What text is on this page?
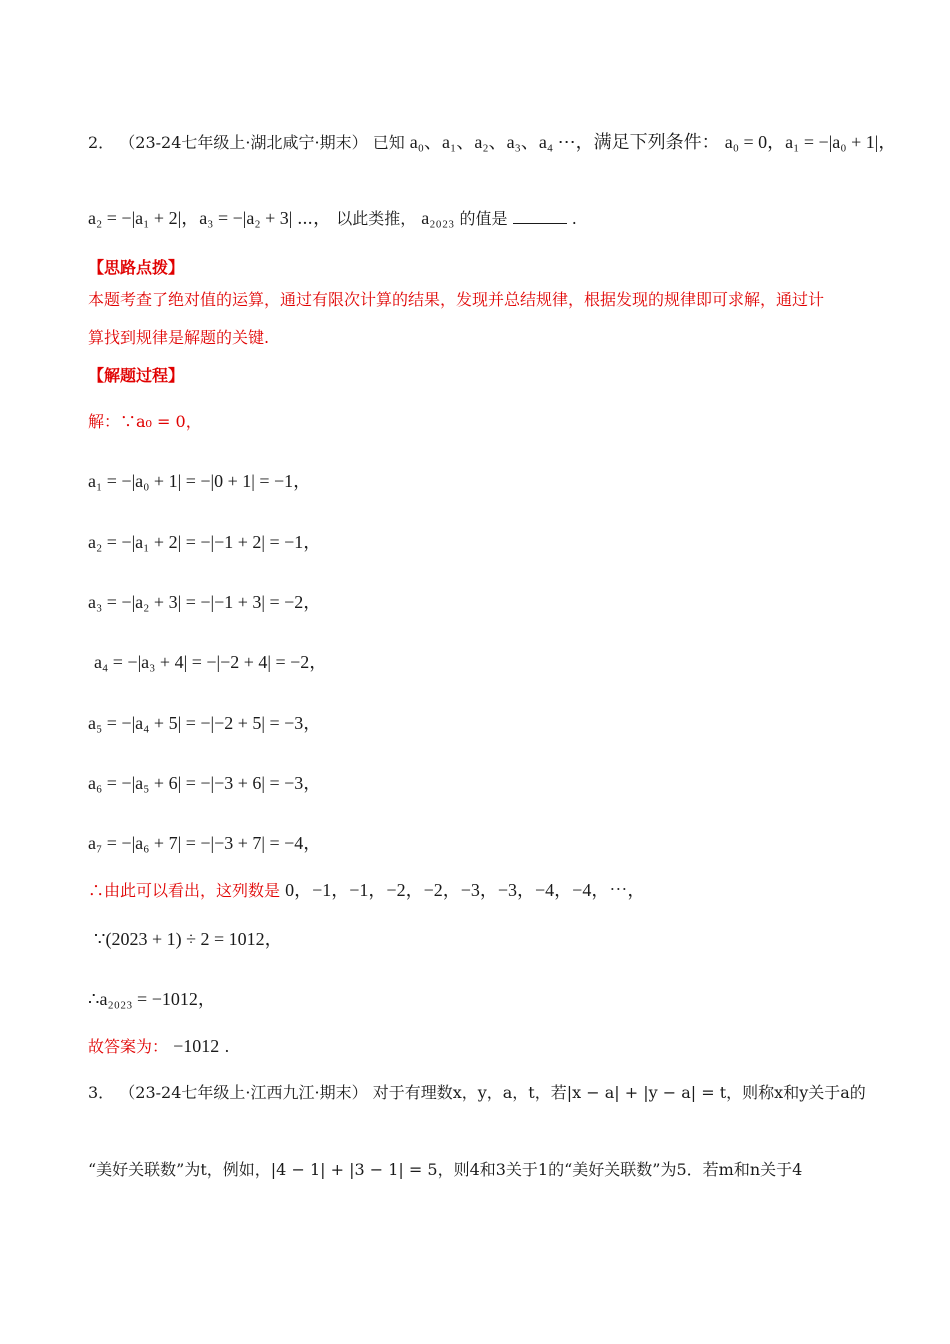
2． （23-24七年级上·湖北咸宁·期末） 已知 a₀、a₁、a₂、a₃、a₄ ⋯，满足下列条件： a₀ = 0，a₁ = −|a₀ + 1|，
a₂ = −|a₁ + 2|，a₃ = −|a₂ + 3| ⋯， 以此类推， a₂₀₂₃ 的值是	.
【思路点拨】
本题考查了绝对值的运算，通过有限次计算的结果，发现并总结规律，根据发现的规律即可求解，通过计
算找到规律是解题的关键.
【解题过程】
解：∵a₀ = 0，
a₁ = −|a₀ + 1| = −|0 + 1| = −1，
a₂ = −|a₁ + 2| = −|−1 + 2| = −1，
a₃ = −|a₂ + 3| = −|−1 + 3| = −2，
a₄ = −|a₃ + 4| = −|−2 + 4| = −2，
a₅ = −|a₄ + 5| = −|−2 + 5| = −3，
a₆ = −|a₅ + 6| = −|−3 + 6| = −3，
a₇ = −|a₆ + 7| = −|−3 + 7| = −4，
∴由此可以看出，这列数是 0，−1，−1，−2，−2，−3，−3，−4，−4，⋯，
∵(2023 + 1) ÷ 2 = 1012，
∴a₂₀₂₃ = −1012，
故答案为： −1012 .
3． （23-24七年级上·江西九江·期末） 对于有理数x，y，a，t，若|x − a| + |y − a| = t，则称x和y关于a的
“美好关联数”为t，例如，|4 − 1| + |3 − 1| = 5，则4和3关于1的“美好关联数”为5．若m和n关于4
